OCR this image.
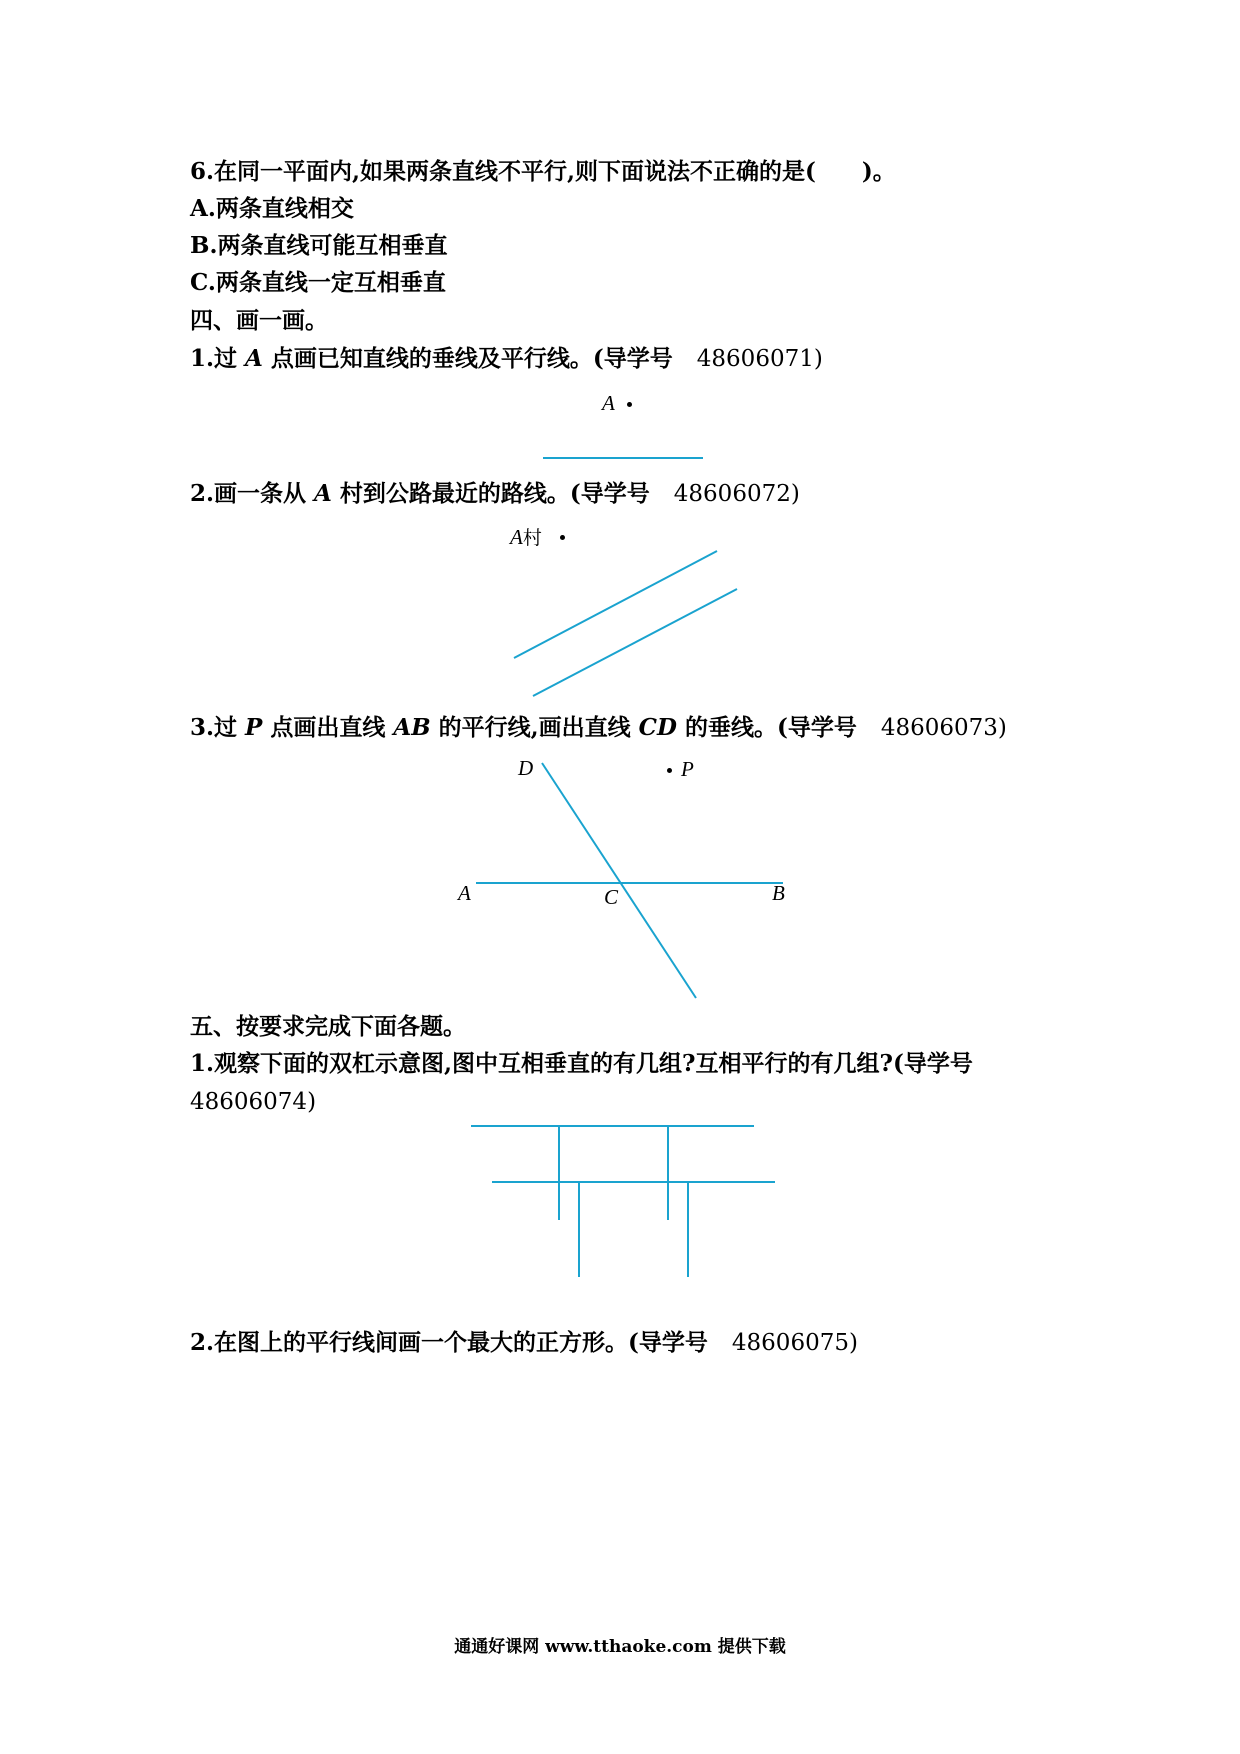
6.在同一平面内,如果两条直线不平行,则下面说法不正确的是(　　)。
A.两条直线相交
B.两条直线可能互相垂直
C.两条直线一定互相垂直
四、画一画。
1.过 A 点画已知直线的垂线及平行线。(导学号 48606071)
A
2.画一条从 A 村到公路最近的路线。(导学号 48606072)
A村
3.过 P 点画出直线 AB 的平行线,画出直线 CD 的垂线。(导学号 48606073)
D	P
A	C	B
五、按要求完成下面各题。
1.观察下面的双杠示意图,图中互相垂直的有几组?互相平行的有几组?(导学号
48606074)
2.在图上的平行线间画一个最大的正方形。(导学号 48606075)
通通好课网 www.tthaoke.com 提供下载
